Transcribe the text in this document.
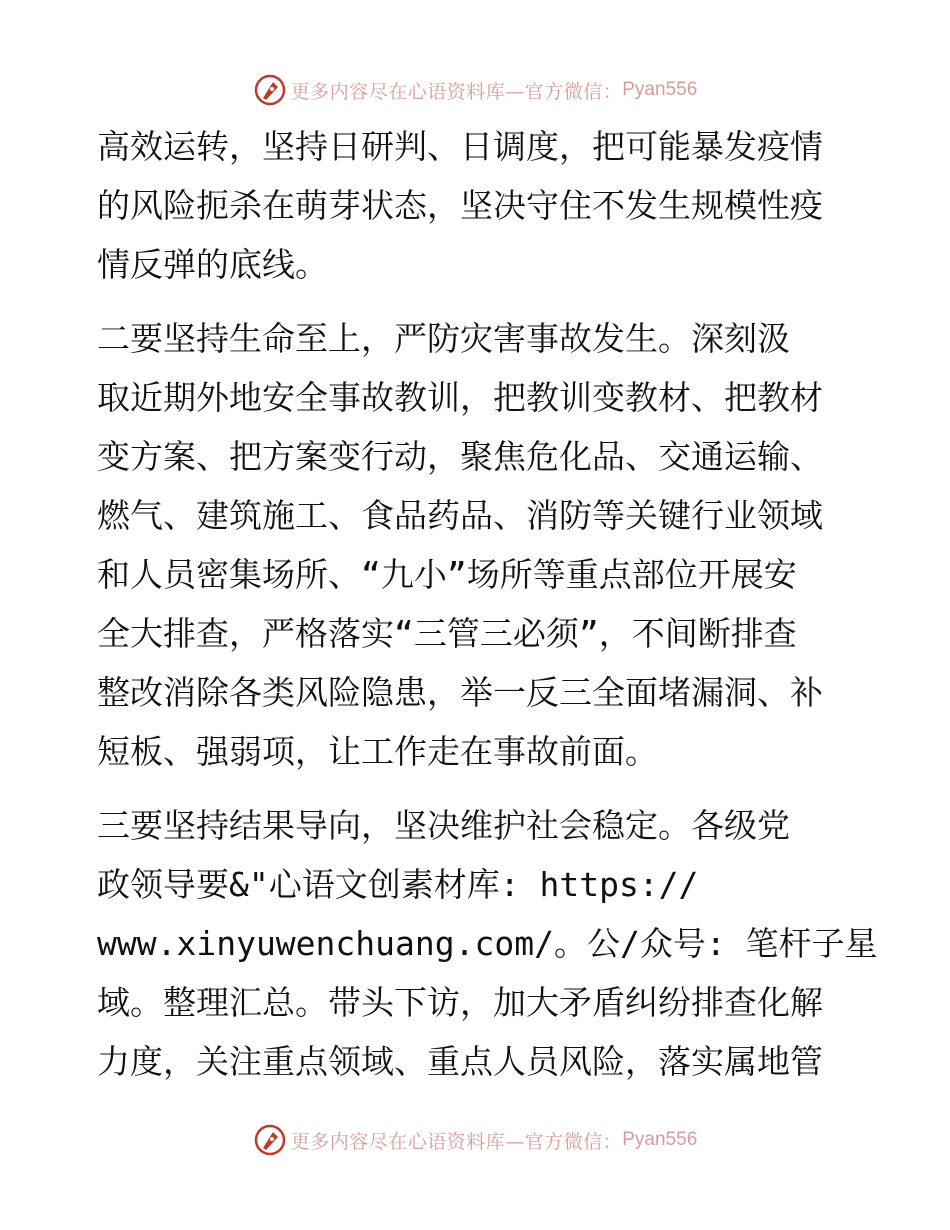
更多内容尽在心语资料库—官方微信： Pyan556
高效运转，坚持日研判、日调度，把可能暴发疫情
的风险扼杀在萌芽状态，坚决守住不发生规模性疫
情反弹的底线。
二要坚持生命至上，严防灾害事故发生。深刻汲
取近期外地安全事故教训，把教训变教材、把教材
变方案、把方案变行动，聚焦危化品、交通运输、
燃气、建筑施工、食品药品、消防等关键行业领域
和人员密集场所、“九小”场所等重点部位开展安
全大排查，严格落实“三管三必须”，不间断排查
整改消除各类风险隐患，举一反三全面堵漏洞、补
短板、强弱项，让工作走在事故前面。
三要坚持结果导向，坚决维护社会稳定。各级党
政领导要&"心语文创素材库: https://
www.xinyuwenchuang.com/。公/众号: 笔杆子星
域。整理汇总。带头下访，加大矛盾纠纷排查化解
力度，关注重点领域、重点人员风险，落实属地管
更多内容尽在心语资料库—官方微信： Pyan556
